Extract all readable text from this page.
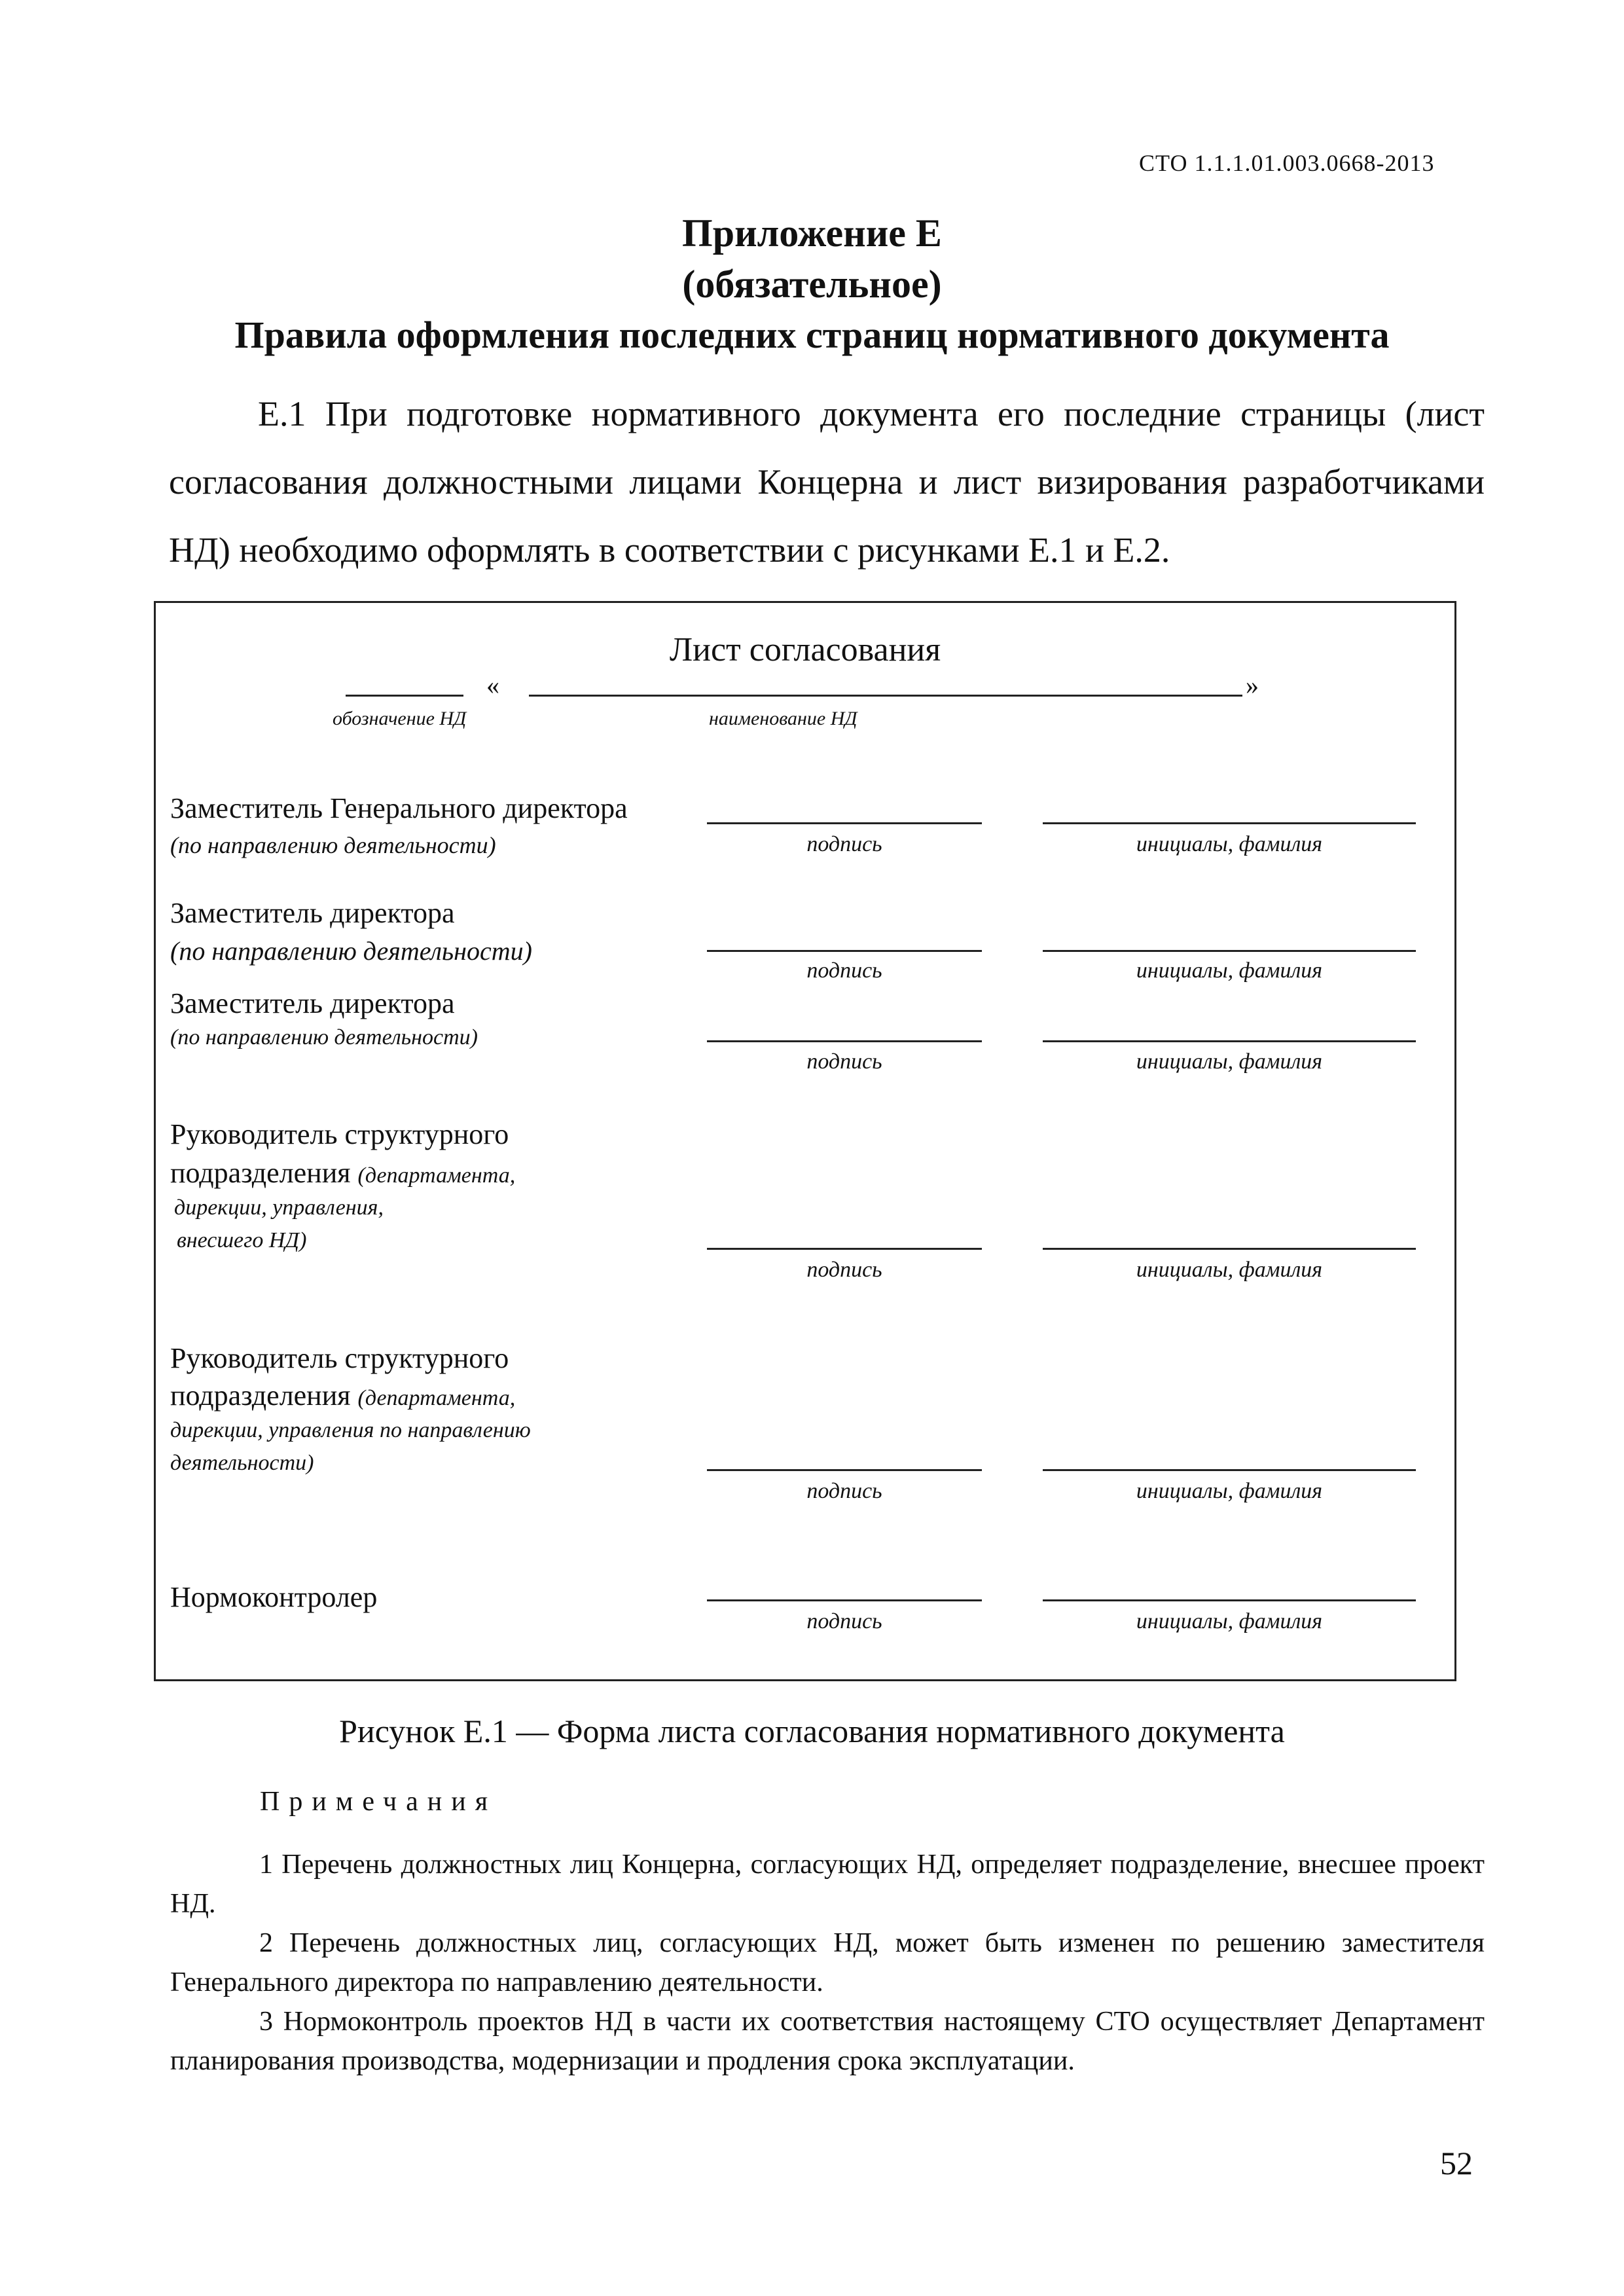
СТО 1.1.1.01.003.0668-2013
Приложение Е
(обязательное)
Правила оформления последних страниц нормативного документа
Е.1 При подготовке нормативного документа его последние страницы (лист согласования должностными лицами Концерна и лист визирования разработчиками НД) необходимо оформлять в соответствии с рисунками Е.1 и Е.2.
Лист согласования
«	»
обозначение НД	наименование НД
Заместитель Генерального директора
(по направлению деятельности)	подпись	инициалы, фамилия
Заместитель директора
(по направлению деятельности)
подпись	инициалы, фамилия
Заместитель директора
(по направлению деятельности)
подпись	инициалы, фамилия
Руководитель структурного
подразделения (департамента,
дирекции, управления,
внесшего НД)
подпись	инициалы, фамилия
Руководитель структурного
подразделения (департамента,
дирекции, управления по направлению
деятельности)
подпись	инициалы, фамилия
Нормоконтролер
подпись	инициалы, фамилия
Рисунок Е.1 — Форма листа согласования нормативного документа
Примечания
1 Перечень должностных лиц Концерна, согласующих НД, определяет подразделение, внесшее проект НД.
2 Перечень должностных лиц, согласующих НД, может быть изменен по решению заместителя Генерального директора по направлению деятельности.
3 Нормоконтроль проектов НД в части их соответствия настоящему СТО осуществляет Департамент планирования производства, модернизации и продления срока эксплуатации.
52
